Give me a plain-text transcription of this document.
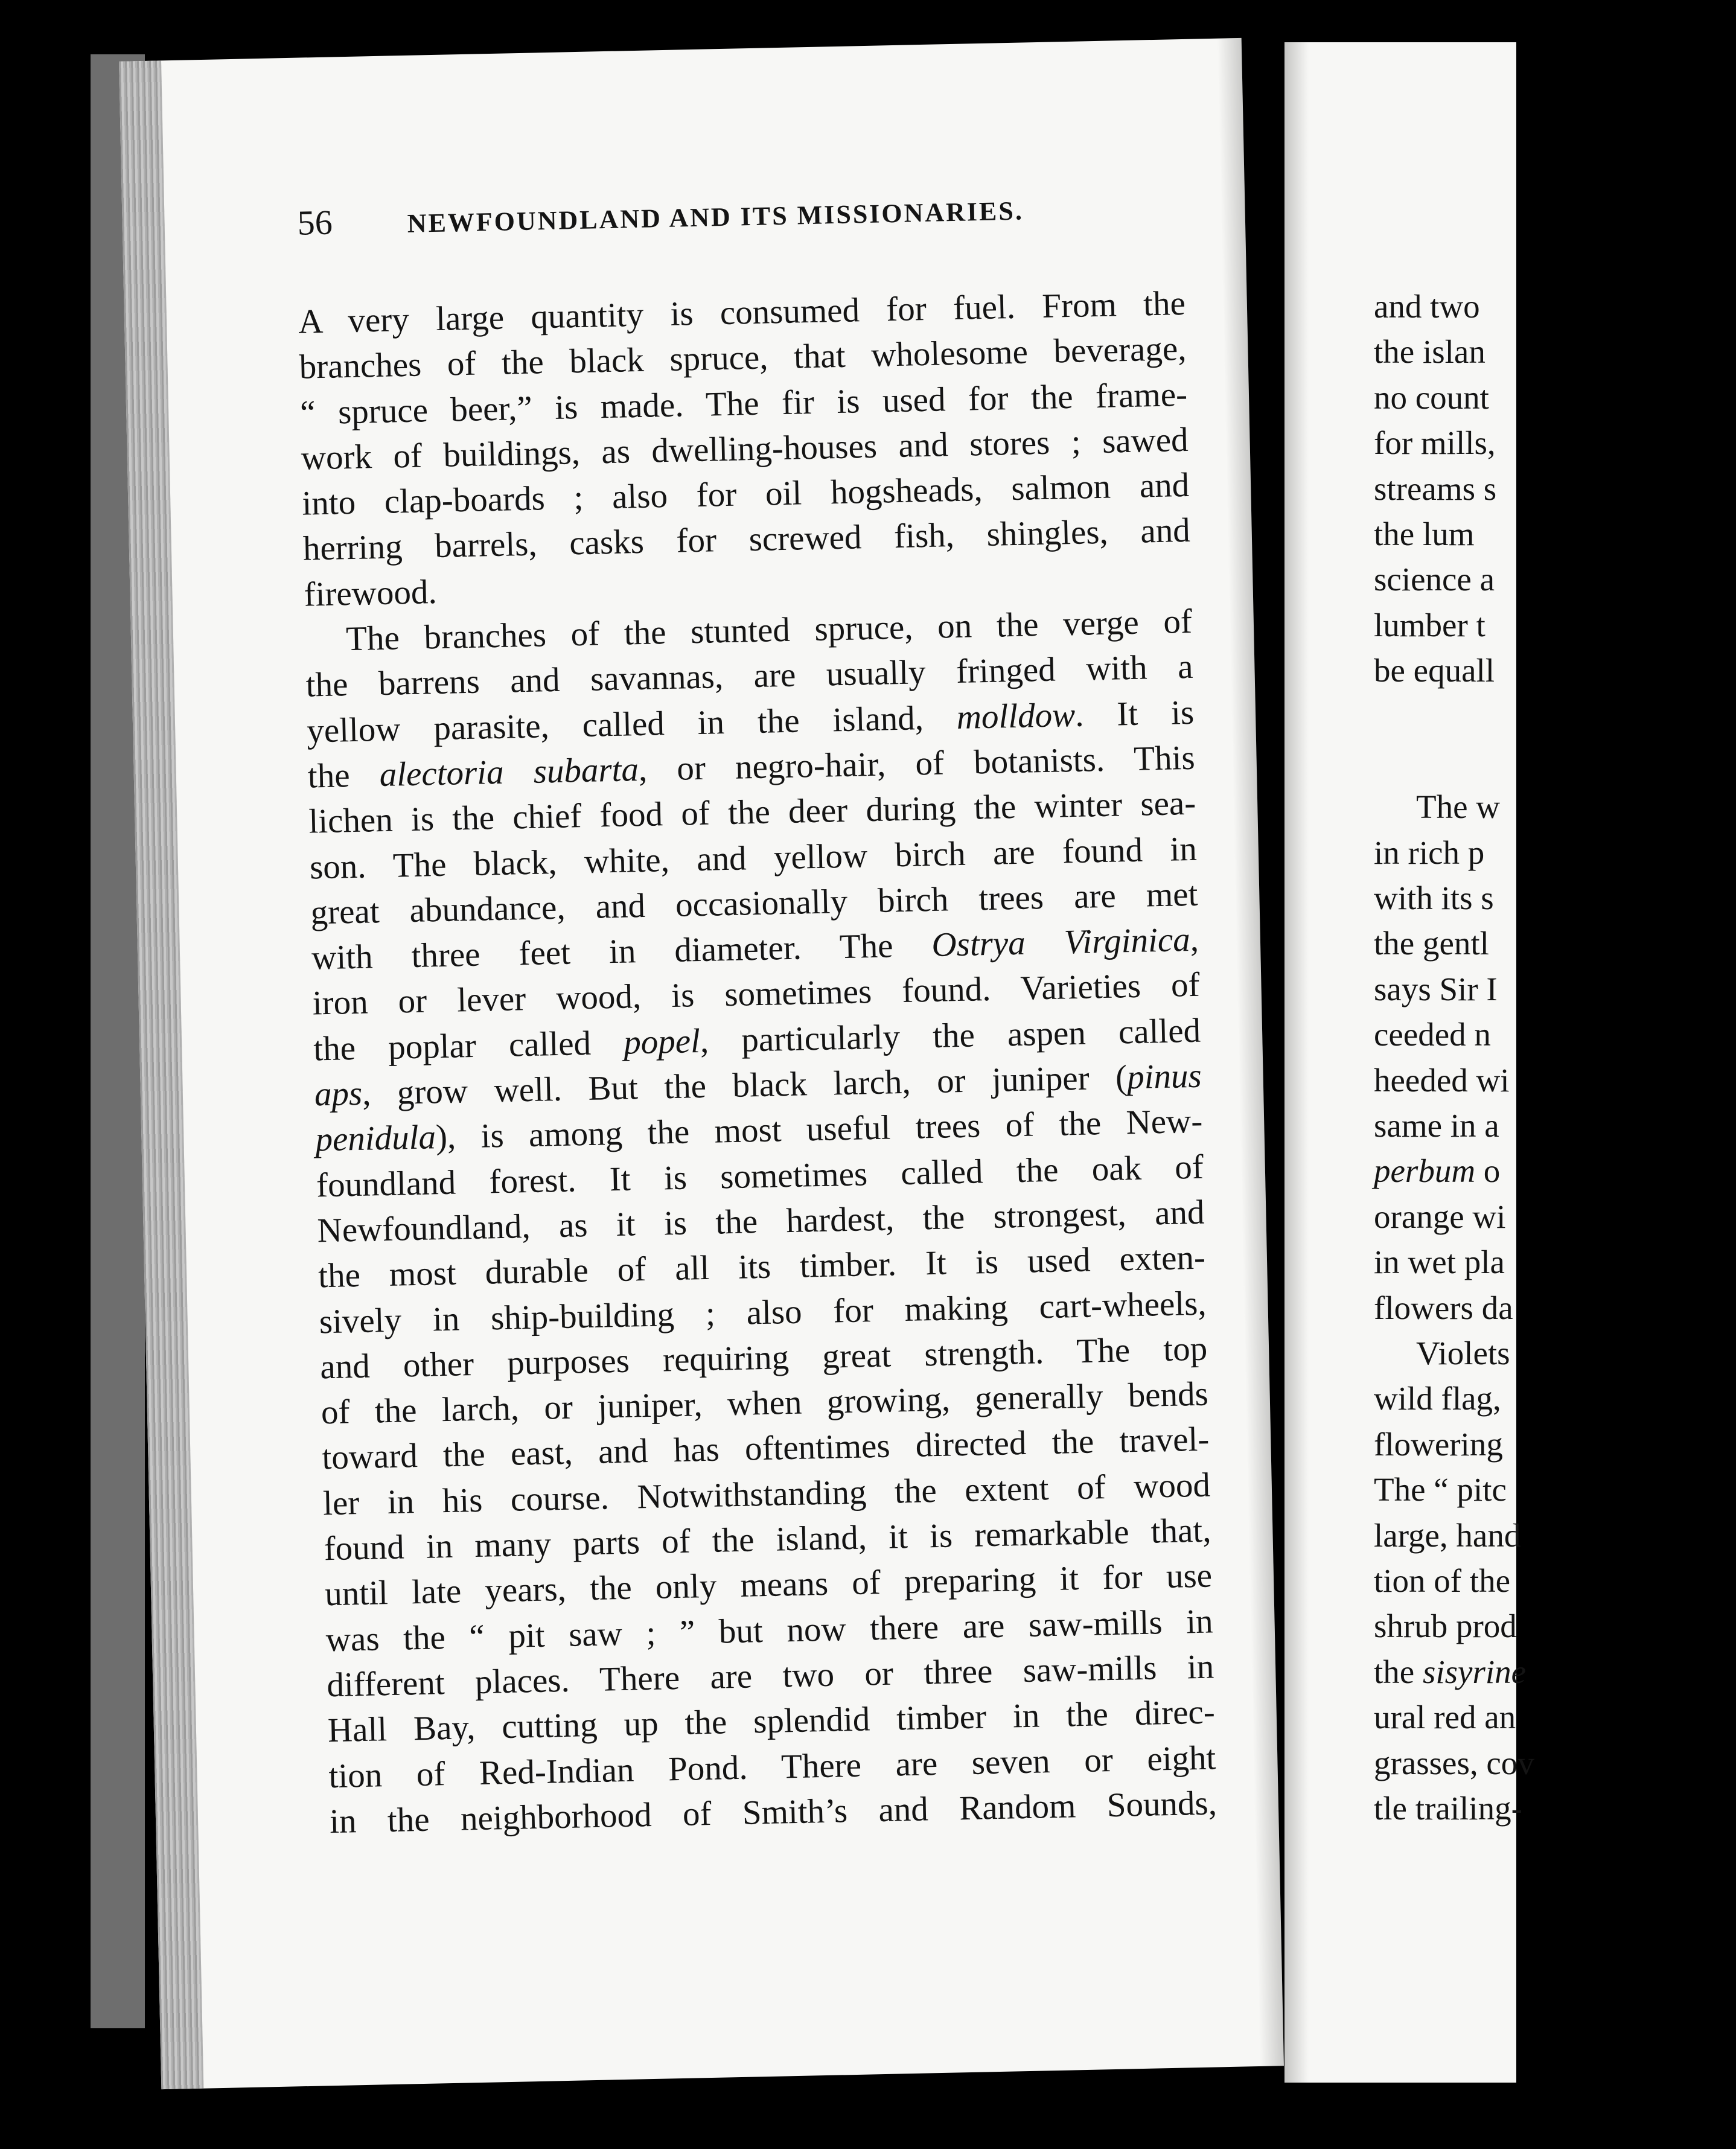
56	NEWFOUNDLAND AND ITS MISSIONARIES.
A very large quantity is consumed for fuel. From the
branches of the black spruce, that wholesome beverage,
“ spruce beer,” is made. The fir is used for the frame-
work of buildings, as dwelling-houses and stores ; sawed
into clap-boards ; also for oil hogsheads, salmon and
herring barrels, casks for screwed fish, shingles, and
firewood.
The branches of the stunted spruce, on the verge of
the barrens and savannas, are usually fringed with a
yellow parasite, called in the island, molldow. It is
the alectoria subarta, or negro-hair, of botanists. This
lichen is the chief food of the deer during the winter sea-
son. The black, white, and yellow birch are found in
great abundance, and occasionally birch trees are met
with three feet in diameter. The Ostrya Virginica,
iron or lever wood, is sometimes found. Varieties of
the poplar called popel, particularly the aspen called
aps, grow well. But the black larch, or juniper (pinus
penidula), is among the most useful trees of the New-
foundland forest. It is sometimes called the oak of
Newfoundland, as it is the hardest, the strongest, and
the most durable of all its timber. It is used exten-
sively in ship-building ; also for making cart-wheels,
and other purposes requiring great strength. The top
of the larch, or juniper, when growing, generally bends
toward the east, and has oftentimes directed the travel-
ler in his course. Notwithstanding the extent of wood
found in many parts of the island, it is remarkable that,
until late years, the only means of preparing it for use
was the “ pit saw ; ” but now there are saw-mills in
different places. There are two or three saw-mills in
Hall Bay, cutting up the splendid timber in the direc-
tion of Red-Indian Pond. There are seven or eight
in the neighborhood of Smith’s and Random Sounds,
and two
the islan
no count
for mills,
streams s
the lum
science a
lumber t
be equall

The w
in rich p
with its s
the gentl
says Sir I
ceeded n
heeded wi
same in a
perbum o
orange wi
in wet pla
flowers da
Violets
wild flag,
flowering
The “ pitc
large, hand
tion of the
shrub prod
the sisyrine
ural red an
grasses, cov
tle trailing-
